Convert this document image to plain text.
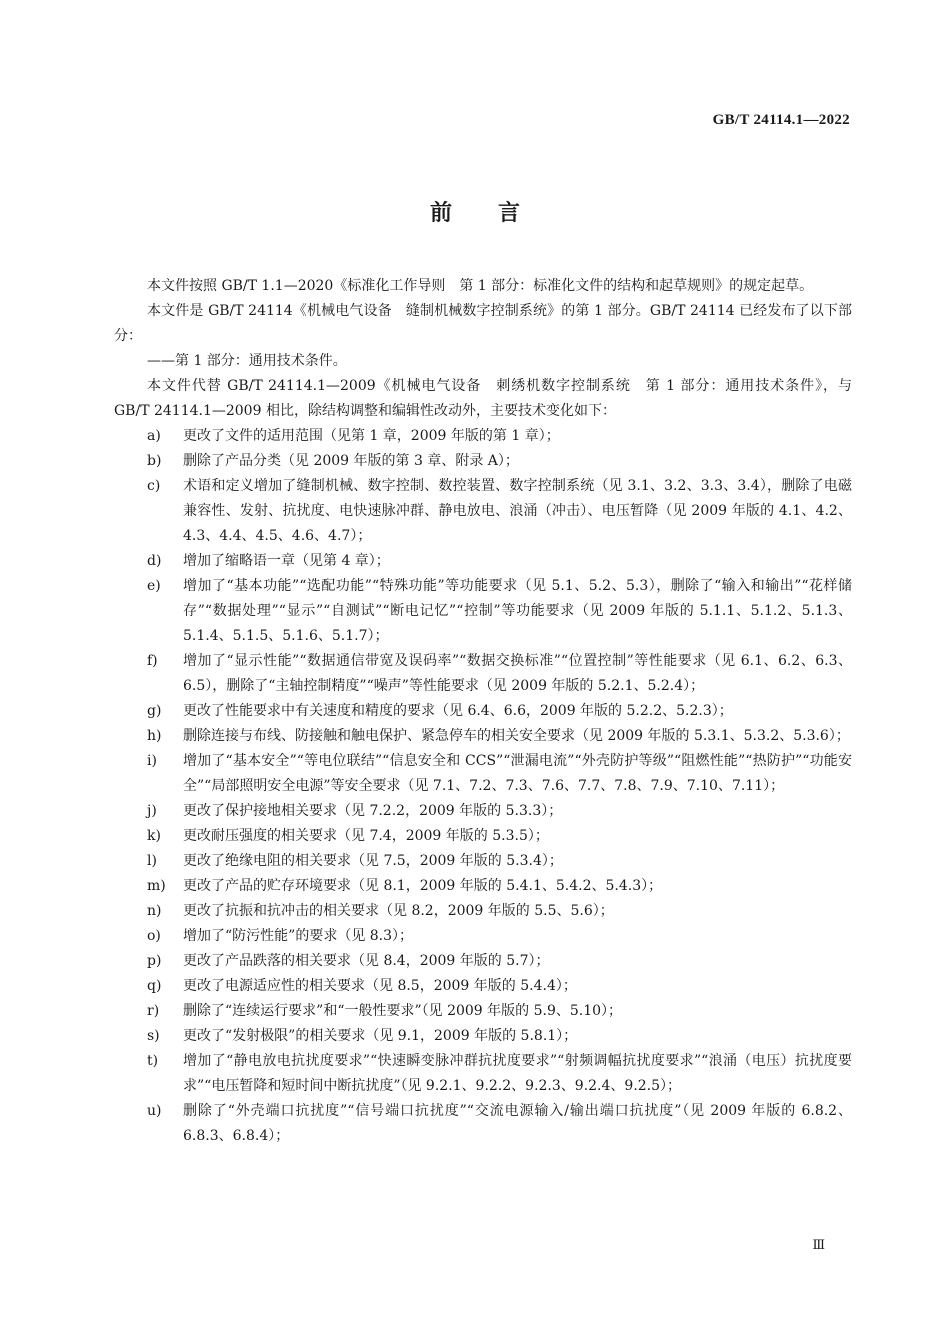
GB/T 24114.1—2022
前言

本文件按照 GB/T 1.1—2020《标准化工作导则　第 1 部分：标准化文件的结构和起草规则》的规定起草。

本文件是 GB/T 24114《机械电气设备　缝制机械数字控制系统》的第 1 部分。GB/T 24114 已经发布了以下部分：

——第 1 部分：通用技术条件。

本文件代替 GB/T 24114.1—2009《机械电气设备　刺绣机数字控制系统　第 1 部分：通用技术条件》，与 GB/T 24114.1—2009 相比，除结构调整和编辑性改动外，主要技术变化如下：

a)	更改了文件的适用范围（见第 1 章，2009 年版的第 1 章）；
b)	删除了产品分类（见 2009 年版的第 3 章、附录 A）；
c)	术语和定义增加了缝制机械、数字控制、数控装置、数字控制系统（见 3.1、3.2、3.3、3.4），删除了电磁兼容性、发射、抗扰度、电快速脉冲群、静电放电、浪涌（冲击）、电压暂降（见 2009 年版的 4.1、4.2、4.3、4.4、4.5、4.6、4.7）；
d)	增加了缩略语一章（见第 4 章）；
e)	增加了“基本功能”“选配功能”“特殊功能”等功能要求（见 5.1、5.2、5.3），删除了“输入和输出”“花样储存”“数据处理”“显示”“自测试”“断电记忆”“控制”等功能要求（见 2009 年版的 5.1.1、5.1.2、5.1.3、5.1.4、5.1.5、5.1.6、5.1.7）；
f)	增加了“显示性能”“数据通信带宽及误码率”“数据交换标准”“位置控制”等性能要求（见 6.1、6.2、6.3、6.5），删除了“主轴控制精度”“噪声”等性能要求（见 2009 年版的 5.2.1、5.2.4）；
g)	更改了性能要求中有关速度和精度的要求（见 6.4、6.6，2009 年版的 5.2.2、5.2.3）；
h)	删除连接与布线、防接触和触电保护、紧急停车的相关安全要求（见 2009 年版的 5.3.1、5.3.2、5.3.6）；
i)	增加了“基本安全”“等电位联结”“信息安全和 CCS”“泄漏电流”“外壳防护等级”“阻燃性能”“热防护”“功能安全”“局部照明安全电源”等安全要求（见 7.1、7.2、7.3、7.6、7.7、7.8、7.9、7.10、7.11）；
j)	更改了保护接地相关要求（见 7.2.2，2009 年版的 5.3.3）；
k)	更改耐压强度的相关要求（见 7.4，2009 年版的 5.3.5）；
l)	更改了绝缘电阻的相关要求（见 7.5，2009 年版的 5.3.4）；
m)	更改了产品的贮存环境要求（见 8.1，2009 年版的 5.4.1、5.4.2、5.4.3）；
n)	更改了抗振和抗冲击的相关要求（见 8.2，2009 年版的 5.5、5.6）；
o)	增加了“防污性能”的要求（见 8.3）；
p)	更改了产品跌落的相关要求（见 8.4，2009 年版的 5.7）；
q)	更改了电源适应性的相关要求（见 8.5，2009 年版的 5.4.4）；
r)	删除了“连续运行要求”和“一般性要求”（见 2009 年版的 5.9、5.10）；
s)	更改了“发射极限”的相关要求（见 9.1，2009 年版的 5.8.1）；
t)	增加了“静电放电抗扰度要求”“快速瞬变脉冲群抗扰度要求”“射频调幅抗扰度要求”“浪涌（电压）抗扰度要求”“电压暂降和短时间中断抗扰度”（见 9.2.1、9.2.2、9.2.3、9.2.4、9.2.5）；
u)	删除了“外壳端口抗扰度”“信号端口抗扰度”“交流电源输入/输出端口抗扰度”（见 2009 年版的 6.8.2、6.8.3、6.8.4）；
Ⅲ
